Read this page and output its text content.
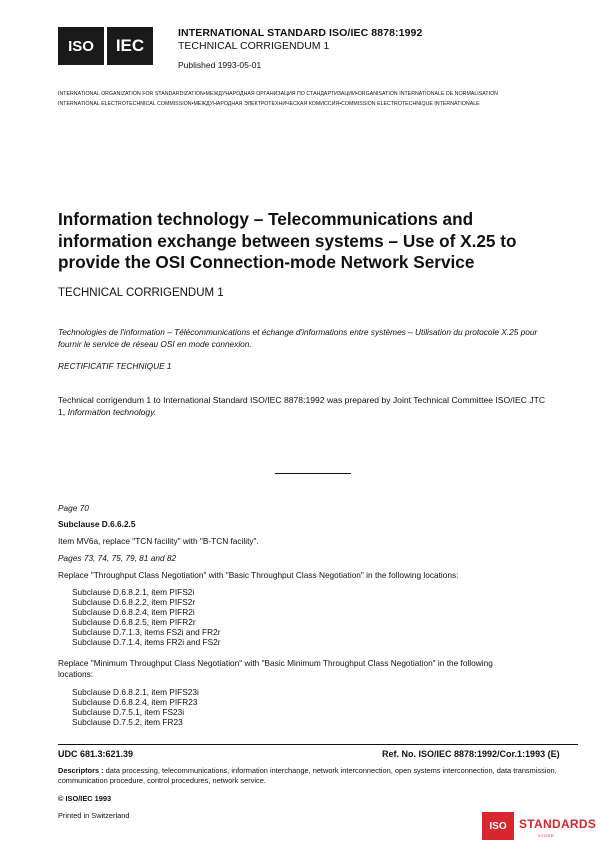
ISO IEC
INTERNATIONAL STANDARD ISO/IEC 8878:1992
TECHNICAL CORRIGENDUM 1
Published 1993-05-01
INTERNATIONAL ORGANIZATION FOR STANDARDIZATION•МЕЖДУНАРОДНАЯ ОРГАНИЗАЦИЯ ПО СТАНДАРТИЗАЦИИ•ORGANISATION INTERNATIONALE DE NORMALISATION
INTERNATIONAL ELECTROTECHNICAL COMMISSION•МЕЖДУНАРОДНАЯ ЭЛЕКТРОТЕХНИЧЕСКАЯ КОМИССИЯ•COMMISSION ELECTROTECHNIQUE INTERNATIONALE
Information technology – Telecommunications and information exchange between systems – Use of X.25 to provide the OSI Connection-mode Network Service
TECHNICAL CORRIGENDUM 1
Technologies de l'information – Télécommunications et échange d'informations entre systèmes – Utilisation du protocole X.25 pour fournir le service de réseau OSI en mode connexion.
RECTIFICATIF TECHNIQUE 1
Technical corrigendum 1 to International Standard ISO/IEC 8878:1992 was prepared by Joint Technical Committee ISO/IEC JTC 1, Information technology.
Page 70
Subclause D.6.6.2.5
Item MV6a, replace "TCN facility" with "B-TCN facility".
Pages 73, 74, 75, 79, 81 and 82
Replace "Throughput Class Negotiation" with "Basic Throughput Class Negotiation" in the following locations:
Subclause D.6.8.2.1, item PIFS2i
Subclause D.6.8.2.2, item PIFS2r
Subclause D.6.8.2.4, item PIFR2i
Subclause D.6.8.2.5, item PIFR2r
Subclause D.7.1.3, items FS2i and FR2r
Subclause D.7.1.4, items FR2i and FS2r
Replace "Minimum Throughput Class Negotiation" with "Basic Minimum Throughput Class Negotiation" in the following
locations:
Subclause D.6.8.2.1, item PIFS23i
Subclause D.6.8.2.4, item PIFR23
Subclause D.7.5.1, item FS23i
Subclause D.7.5.2, item FR23
UDC 681.3:621.39	Ref. No. ISO/IEC 8878:1992/Cor.1:1993 (E)
Descriptors : data processing, telecommunications, information interchange, network interconnection, open systems interconnection, data transmission, communication procedure, control procedures, network service.
© ISO/IEC 1993
Printed in Switzerland
ISO	STANDARDS
STORE
